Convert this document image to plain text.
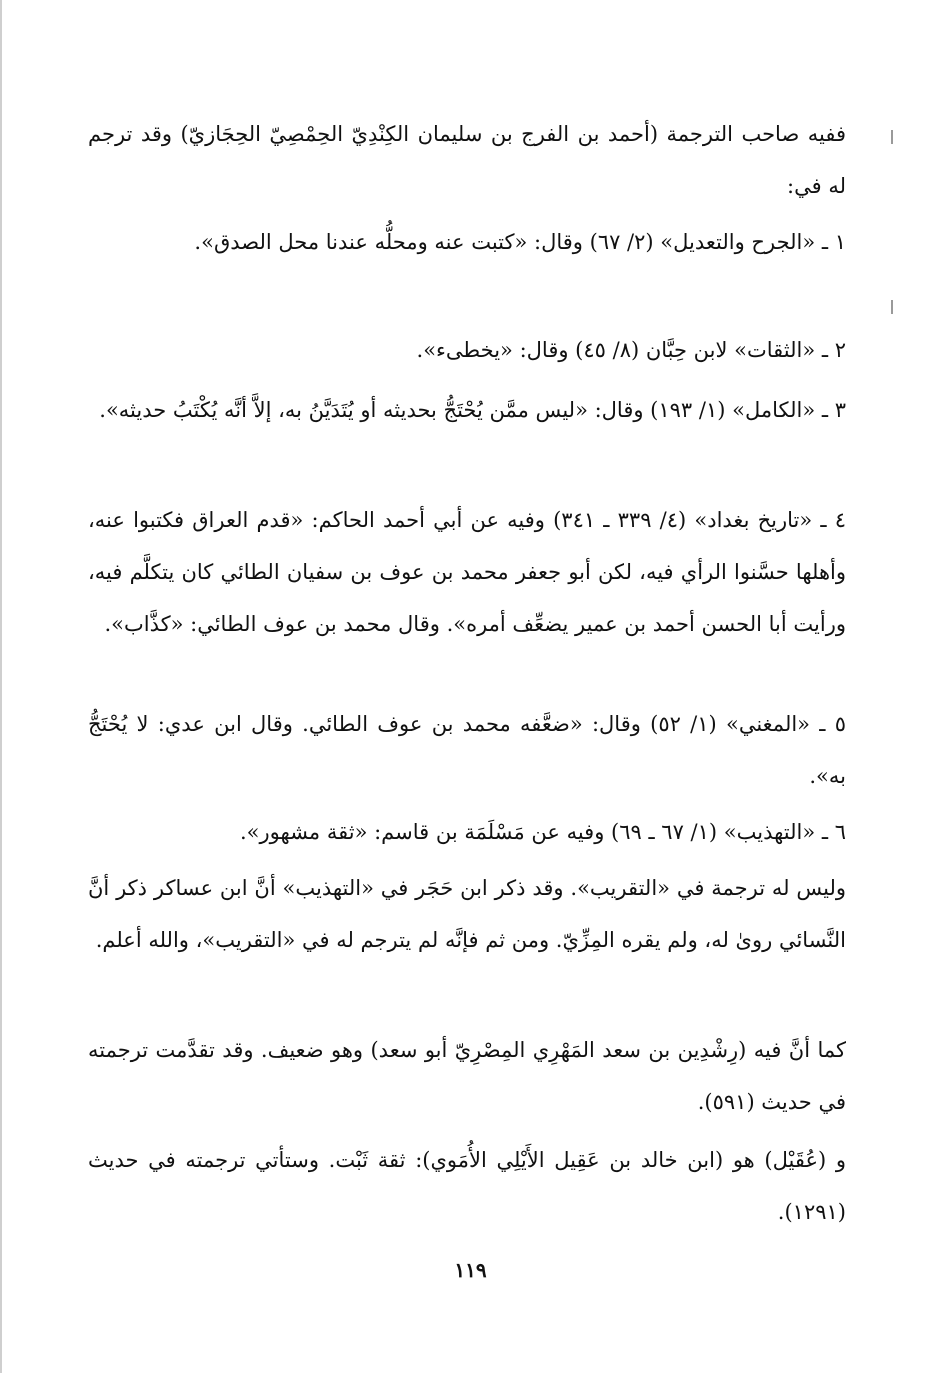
ففيه صاحب الترجمة (أحمد بن الفرج بن سليمان الكِنْدِيّ الحِمْصِيّ الحِجَازيّ) وقد ترجم له في:

١ ـ «الجرح والتعديل» (٢/ ٦٧) وقال: «كتبت عنه ومحلُّه عندنا محل الصدق».

٢ ـ «الثقات» لابن حِبَّان (٨/ ٤٥) وقال: «يخطىء».

٣ ـ «الكامل» (١/ ١٩٣) وقال: «ليس ممَّن يُحْتَجُّ بحديثه أو يُتَدَيَّنُ به، إلاَّ أنَّه يُكْتَبُ حديثه».

٤ ـ «تاريخ بغداد» (٤/ ٣٣٩ ـ ٣٤١) وفيه عن أبي أحمد الحاكم: «قدم العراق فكتبوا عنه، وأهلها حسَّنوا الرأي فيه، لكن أبو جعفر محمد بن عوف بن سفيان الطائي كان يتكلَّم فيه، ورأيت أبا الحسن أحمد بن عمير يضعِّف أمره». وقال محمد بن عوف الطائي: «كذَّاب».

٥ ـ «المغني» (١/ ٥٢) وقال: «ضعَّفه محمد بن عوف الطائي. وقال ابن عدي: لا يُحْتَجُّ به».

٦ ـ «التهذيب» (١/ ٦٧ ـ ٦٩) وفيه عن مَسْلَمَة بن قاسم: «ثقة مشهور».

وليس له ترجمة في «التقريب». وقد ذكر ابن حَجَر في «التهذيب» أنَّ ابن عساكر ذكر أنَّ النَّسائي روىٰ له، ولم يقره المِزِّيّ. ومن ثم فإنَّه لم يترجم له في «التقريب»، والله أعلم.

كما أنَّ فيه (رِشْدِين بن سعد المَهْرِي المِصْرِيّ أبو سعد) وهو ضعيف. وقد تقدَّمت ترجمته في حديث (٥٩١).

و (عُقَيْل) هو (ابن خالد بن عَقِيل الأَيْلِي الأُمَوي): ثقة ثَبْت. وستأتي ترجمته في حديث (١٢٩١).

١١٩
